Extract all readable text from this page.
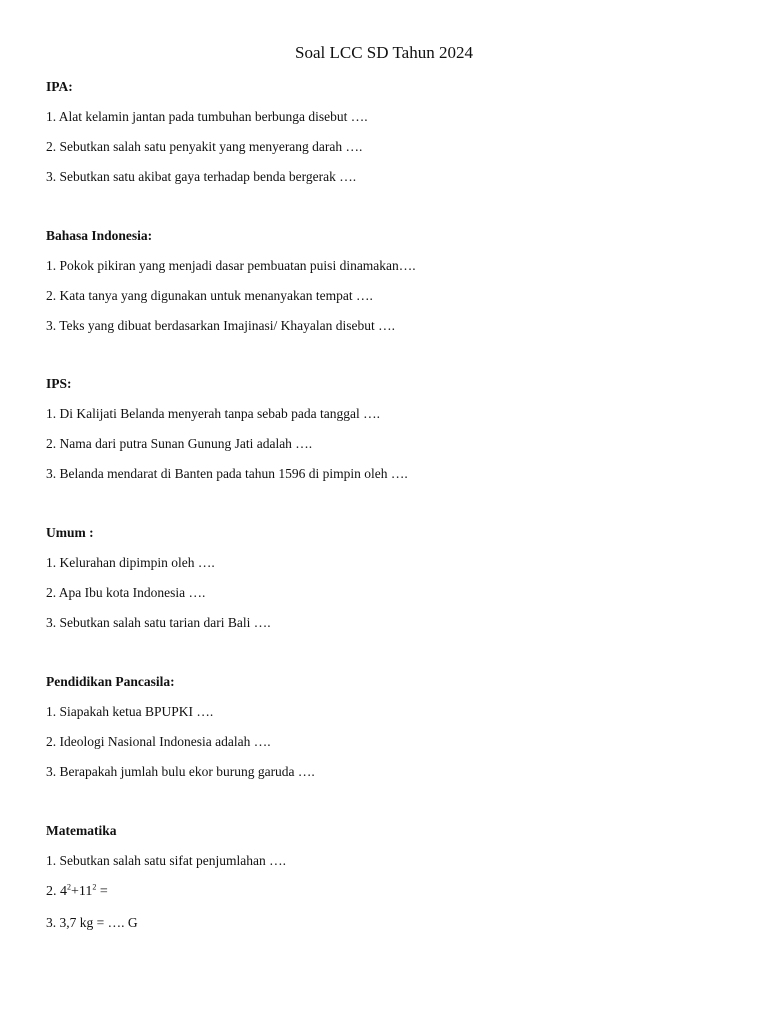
Soal LCC SD Tahun 2024
IPA:
1. Alat kelamin jantan pada tumbuhan berbunga disebut ….
2. Sebutkan salah satu penyakit yang menyerang darah ….
3. Sebutkan satu akibat gaya terhadap benda bergerak ….
Bahasa Indonesia:
1. Pokok pikiran yang menjadi dasar pembuatan puisi dinamakan….
2. Kata tanya yang digunakan untuk menanyakan tempat ….
3. Teks yang dibuat berdasarkan Imajinasi/ Khayalan disebut ….
IPS:
1. Di Kalijati Belanda menyerah tanpa sebab pada tanggal ….
2. Nama dari putra Sunan Gunung Jati adalah ….
3. Belanda mendarat di Banten pada tahun 1596 di pimpin oleh ….
Umum :
1. Kelurahan dipimpin oleh ….
2. Apa Ibu kota Indonesia ….
3. Sebutkan salah satu tarian dari Bali ….
Pendidikan Pancasila:
1. Siapakah ketua BPUPKI ….
2. Ideologi Nasional Indonesia adalah ….
3. Berapakah jumlah bulu ekor burung garuda ….
Matematika
1. Sebutkan salah satu sifat penjumlahan ….
2. $4^2+11^2$ =
3. 3,7 kg = …. G
